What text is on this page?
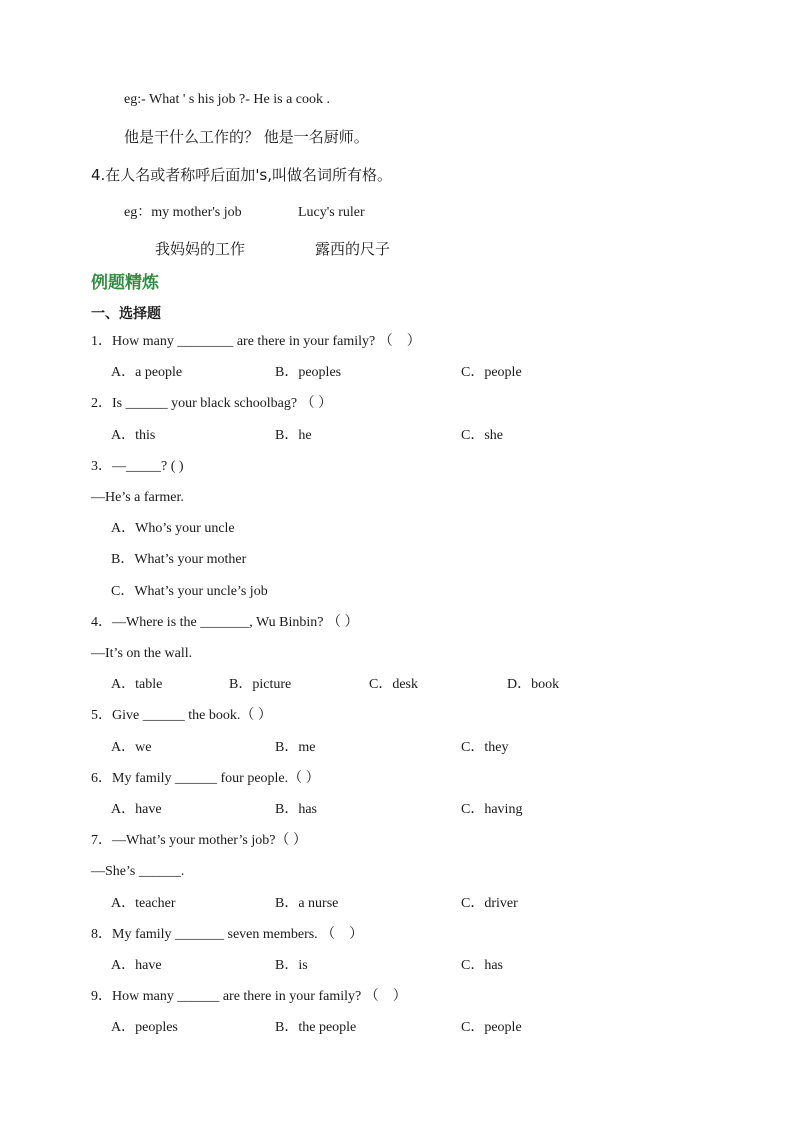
eg:- What ' s his job ?- He is a cook .
他是干什么工作的？ 他是一名厨师。
4.在人名或者称呼后面加's,叫做名词所有格。
eg：my mother's job	Lucy's ruler
我妈妈的工作	露西的尺子
例题精炼
一、选择题
1．How many ________ are there in your family? （　）
A．a people	B．peoples	C．people
2．Is ______ your black schoolbag? （ ）
A．this	B．he	C．she
3．—_____? ( )
—He’s a farmer.
A．Who’s your uncle
B．What’s your mother
C．What’s your uncle’s job
4．—Where is the _______, Wu Binbin? （ ）
—It’s on the wall.
A．table	B．picture	C．desk	D．book
5．Give ______ the book.（ ）
A．we	B．me	C．they
6．My family ______ four people.（ ）
A．have	B．has	C．having
7．—What’s your mother’s job?（ ）
—She’s ______.
A．teacher	B．a nurse	C．driver
8．My family _______ seven members. （　）
A．have	B．is	C．has
9．How many ______ are there in your family? （　）
A．peoples	B．the people	C．people
